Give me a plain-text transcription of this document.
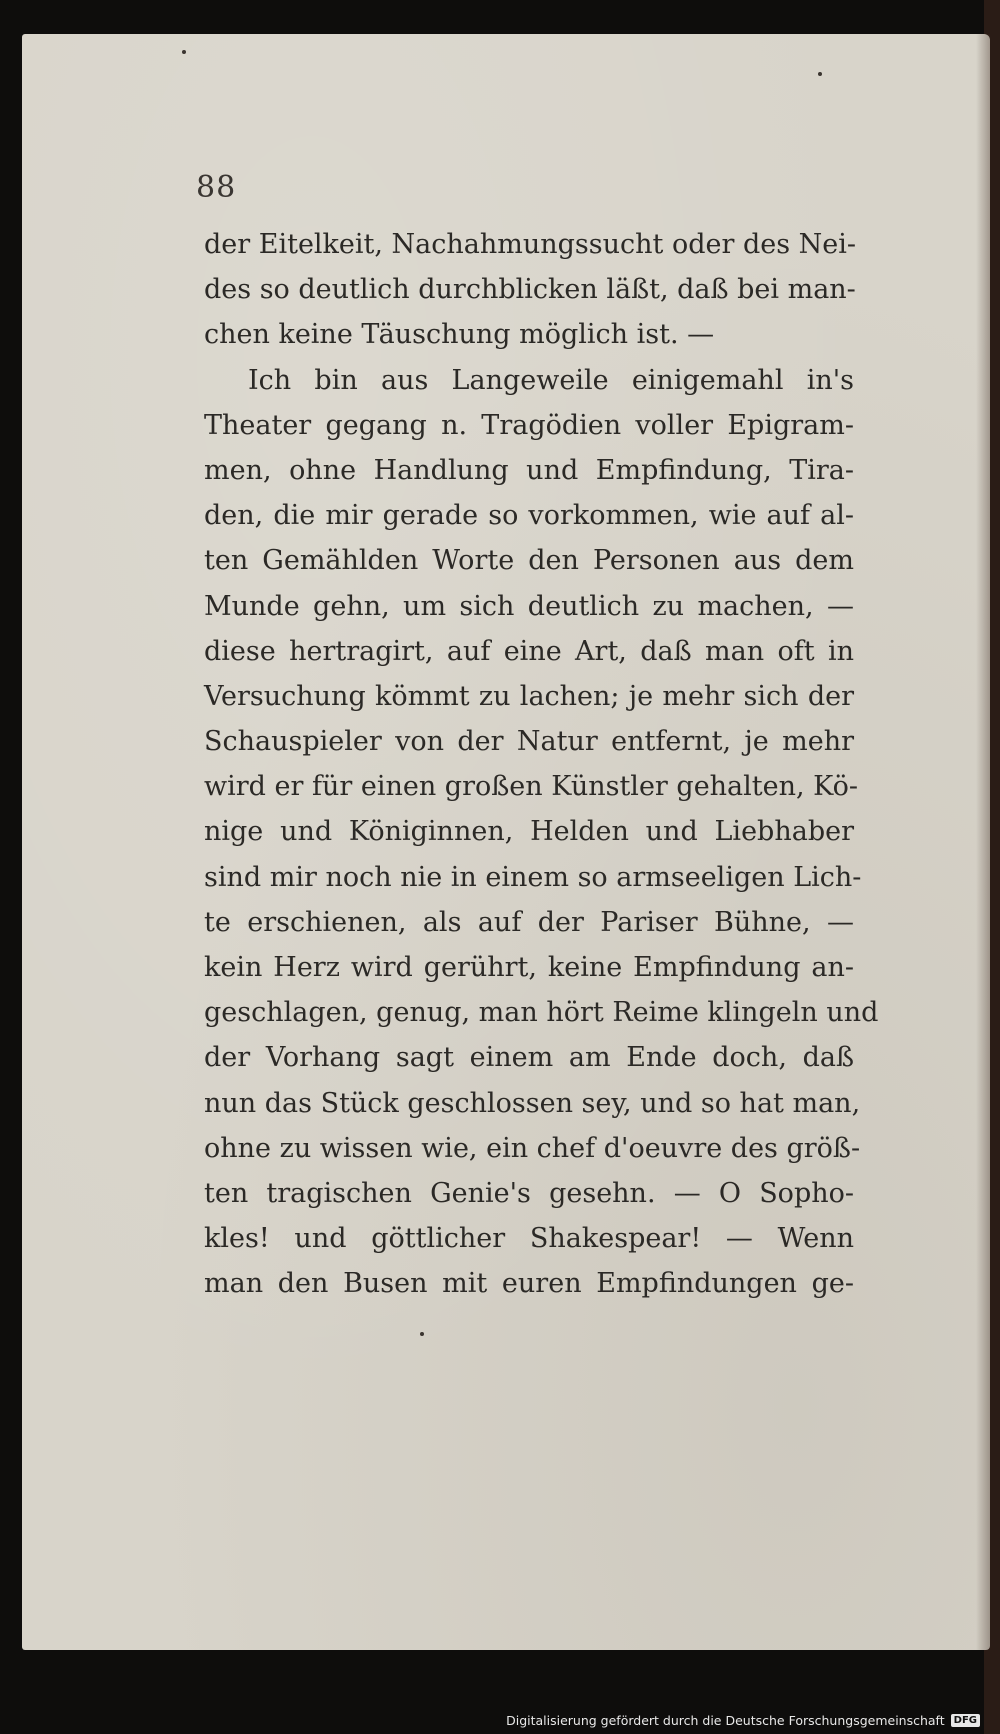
88
der Eitelkeit, Nachahmungssucht oder des Nei-
des so deutlich durchblicken läßt, daß bei man-
chen keine Täuschung möglich ist. —
Ich bin aus Langeweile einigemahl in's
Theater gegang n. Tragödien voller Epigram-
men, ohne Handlung und Empfindung, Tira-
den, die mir gerade so vorkommen, wie auf al-
ten Gemählden Worte den Personen aus dem
Munde gehn, um sich deutlich zu machen, —
diese hertragirt, auf eine Art, daß man oft in
Versuchung kömmt zu lachen; je mehr sich der
Schauspieler von der Natur entfernt, je mehr
wird er für einen großen Künstler gehalten, Kö-
nige und Königinnen, Helden und Liebhaber
sind mir noch nie in einem so armseeligen Lich-
te erschienen, als auf der Pariser Bühne, —
kein Herz wird gerührt, keine Empfindung an-
geschlagen, genug, man hört Reime klingeln und
der Vorhang sagt einem am Ende doch, daß
nun das Stück geschlossen sey, und so hat man,
ohne zu wissen wie, ein chef d'oeuvre des größ-
ten tragischen Genie's gesehn. — O Sopho-
kles! und göttlicher Shakespear! — Wenn
man den Busen mit euren Empfindungen ge-
Digitalisierung gefördert durch die Deutsche Forschungsgemeinschaft DFG
